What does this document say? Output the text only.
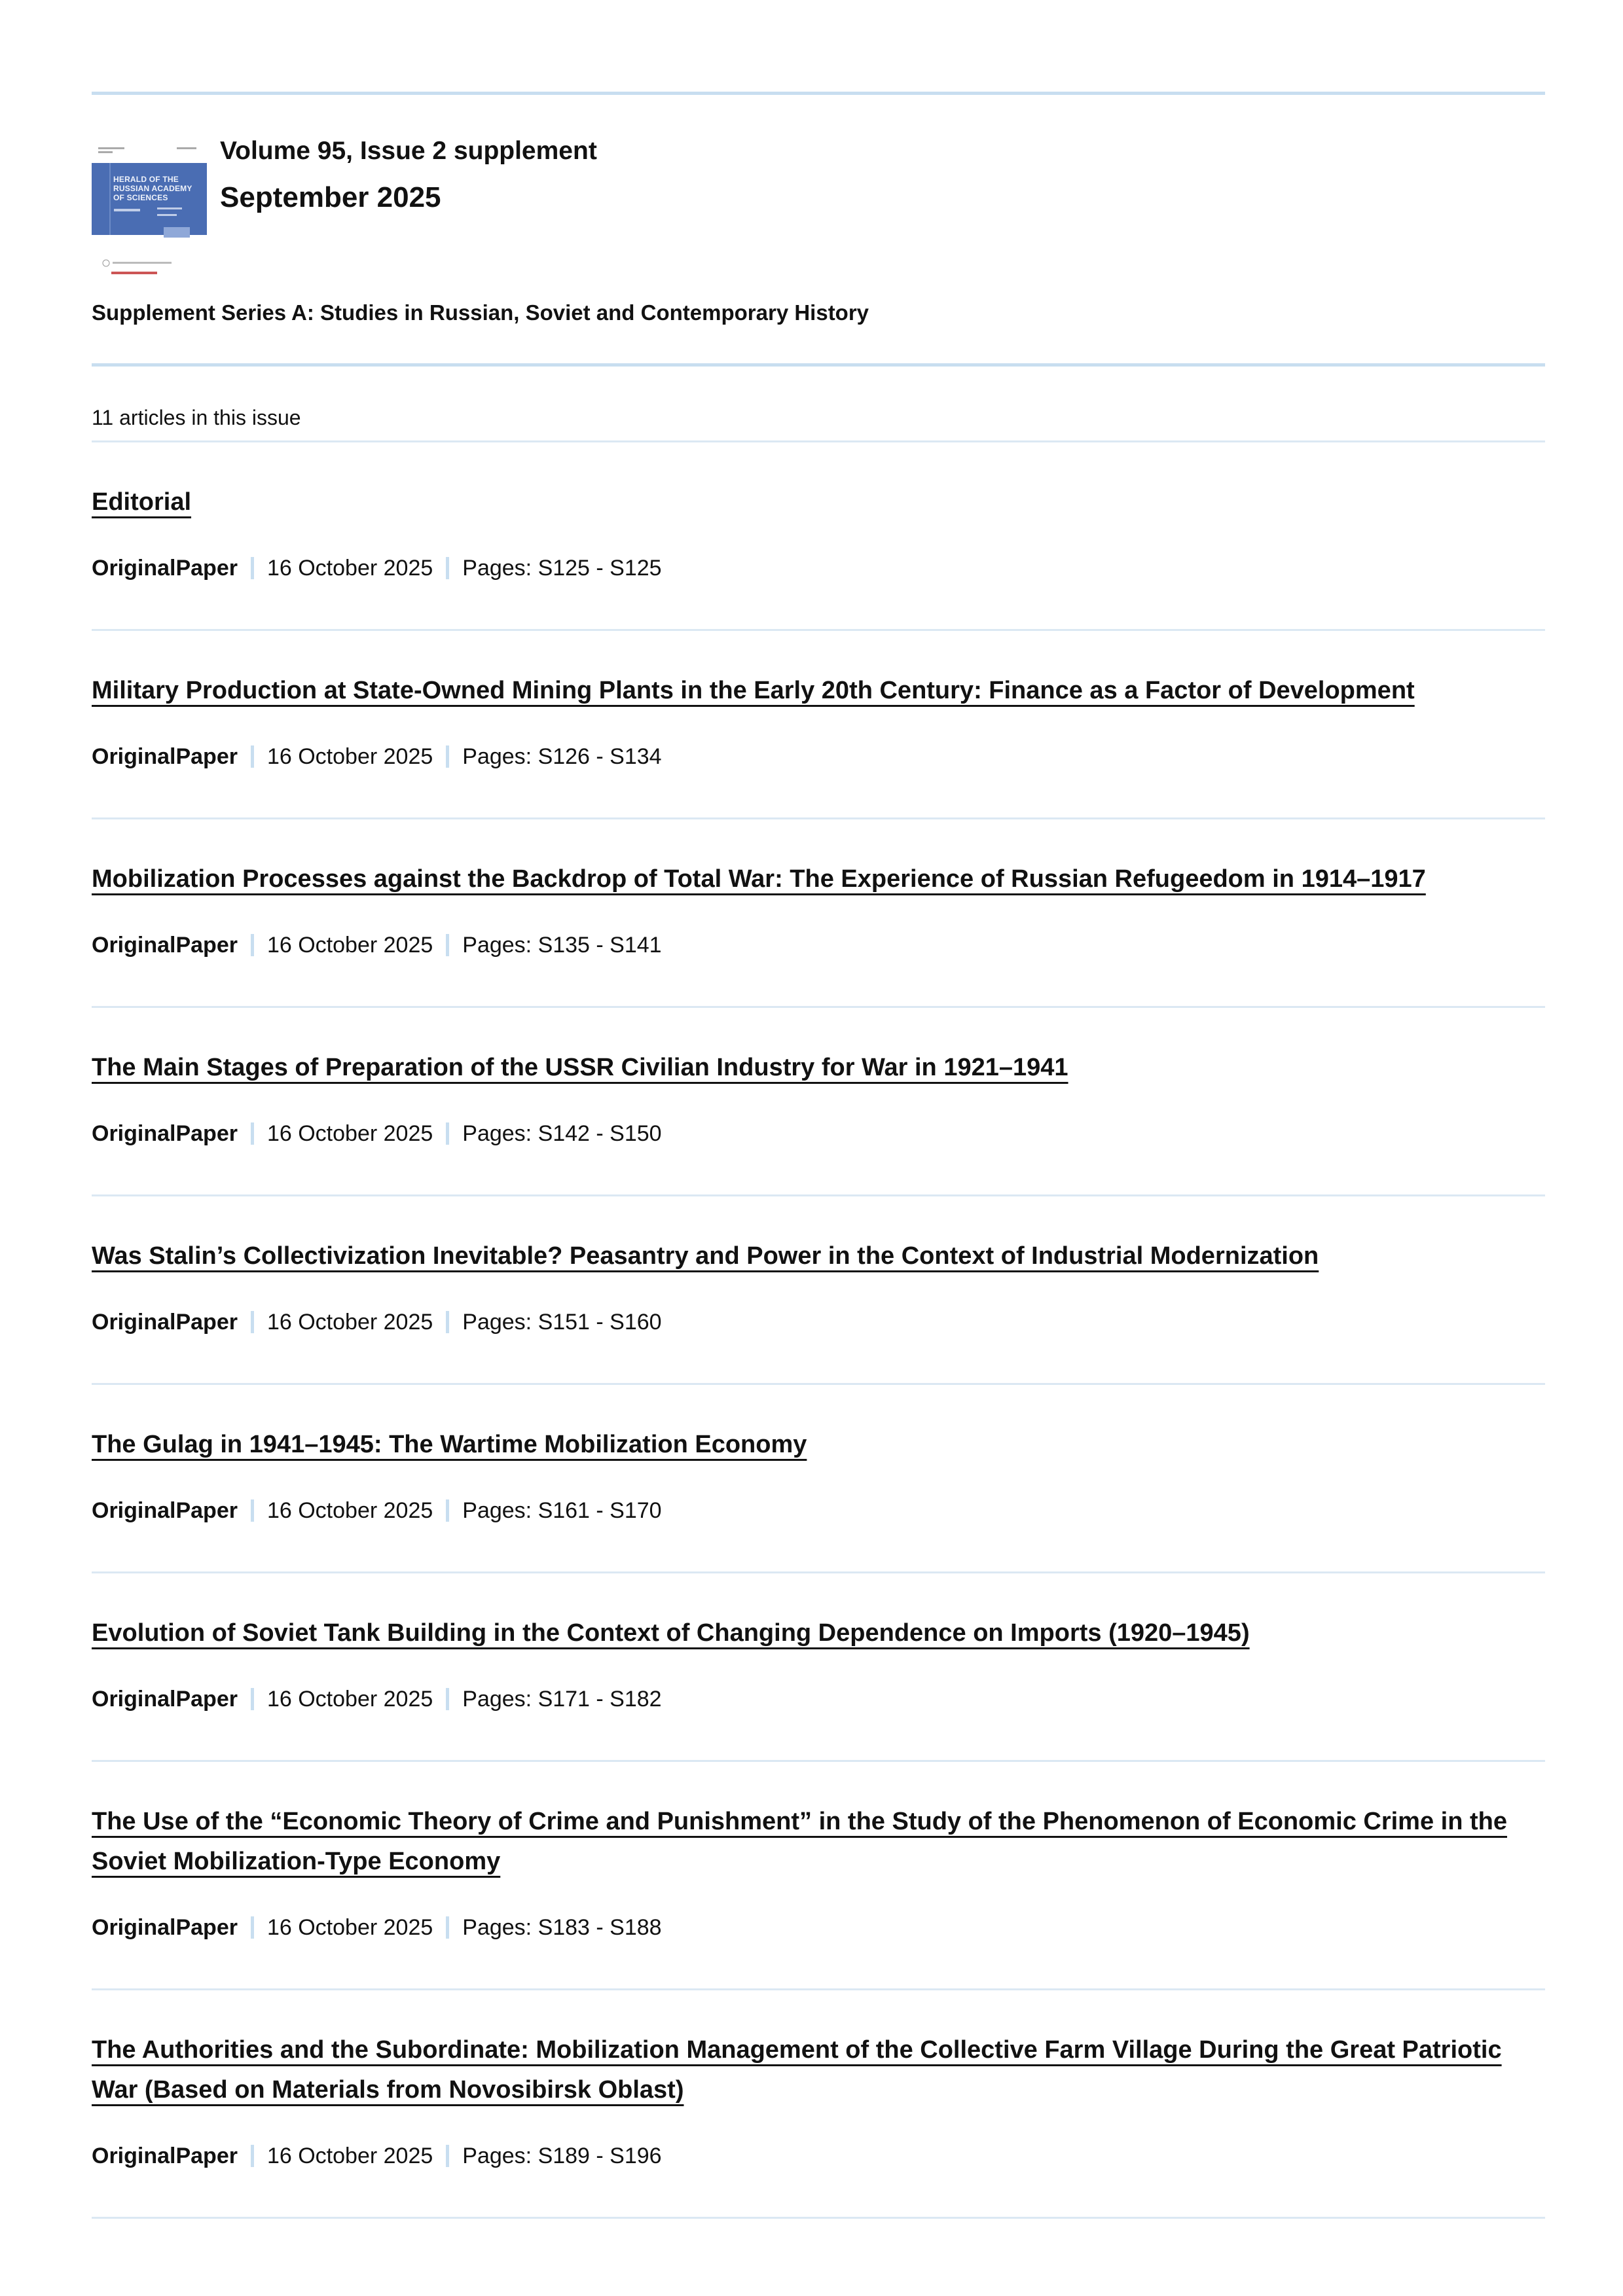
HERALD OF THE RUSSIAN ACADEMY OF SCIENCES
Volume 95, Issue 2 supplement
September 2025
Supplement Series A: Studies in Russian, Soviet and Contemporary History
11 articles in this issue
Editorial
OriginalPaper 16 October 2025 Pages: S125 - S125
Military Production at State-Owned Mining Plants in the Early 20th Century: Finance as a Factor of Development
OriginalPaper 16 October 2025 Pages: S126 - S134
Mobilization Processes against the Backdrop of Total War: The Experience of Russian Refugeedom in 1914–1917
OriginalPaper 16 October 2025 Pages: S135 - S141
The Main Stages of Preparation of the USSR Civilian Industry for War in 1921–1941
OriginalPaper 16 October 2025 Pages: S142 - S150
Was Stalin’s Collectivization Inevitable? Peasantry and Power in the Context of Industrial Modernization
OriginalPaper 16 October 2025 Pages: S151 - S160
The Gulag in 1941–1945: The Wartime Mobilization Economy
OriginalPaper 16 October 2025 Pages: S161 - S170
Evolution of Soviet Tank Building in the Context of Changing Dependence on Imports (1920–1945)
OriginalPaper 16 October 2025 Pages: S171 - S182
The Use of the “Economic Theory of Crime and Punishment” in the Study of the Phenomenon of Economic Crime in the Soviet Mobilization-Type Economy
OriginalPaper 16 October 2025 Pages: S183 - S188
The Authorities and the Subordinate: Mobilization Management of the Collective Farm Village During the Great Patriotic War (Based on Materials from Novosibirsk Oblast)
OriginalPaper 16 October 2025 Pages: S189 - S196
